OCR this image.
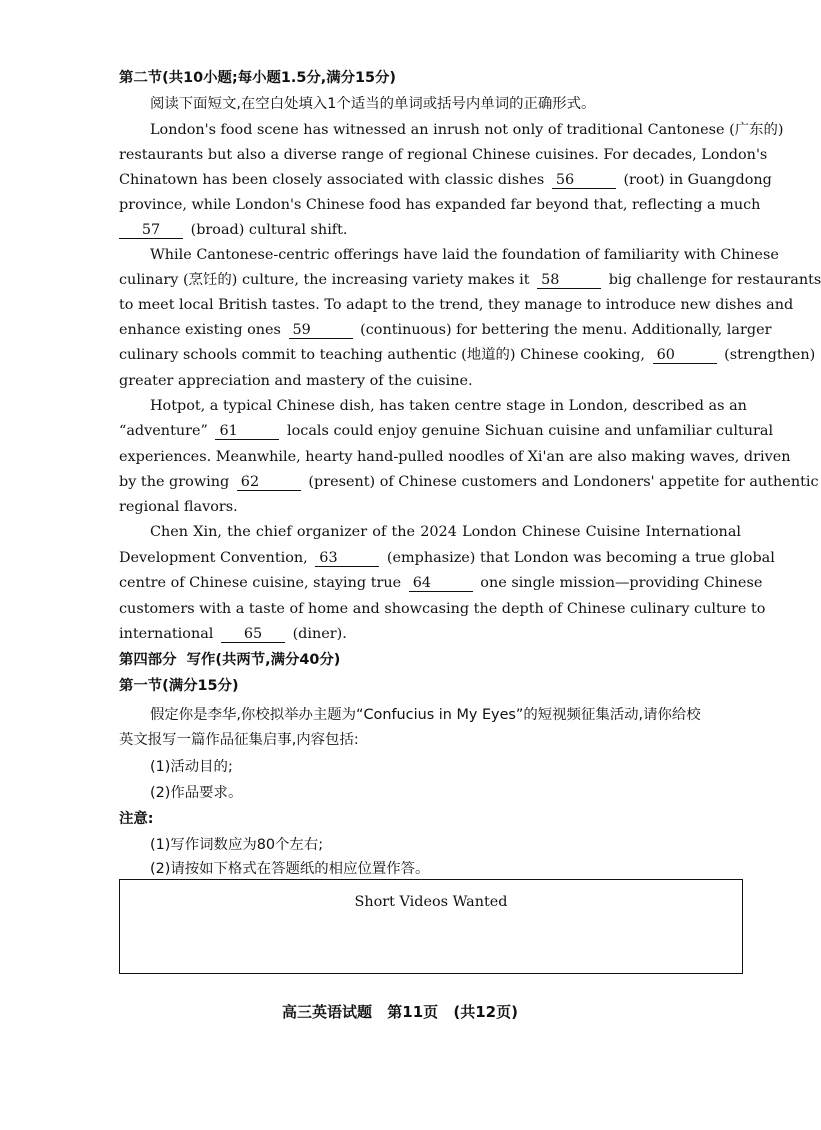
第二节(共10小题;每小题1.5分,满分15分)
阅读下面短文,在空白处填入1个适当的单词或括号内单词的正确形式。
London's food scene has witnessed an inrush not only of traditional Cantonese (广东的)
restaurants but also a diverse range of regional Chinese cuisines. For decades, London's
Chinatown has been closely associated with classic dishes 56	(root) in Guangdong
province, while London's Chinese food has expanded far beyond that, reflecting a much
57 (broad) cultural shift.
While Cantonese-centric offerings have laid the foundation of familiarity with Chinese
culinary (烹饪的) culture, the increasing variety makes it 58	big challenge for restaurants
to meet local British tastes. To adapt to the trend, they manage to introduce new dishes and
enhance existing ones 59	(continuous) for bettering the menu. Additionally, larger
culinary schools commit to teaching authentic (地道的) Chinese cooking, 60	(strengthen)
greater appreciation and mastery of the cuisine.
Hotpot, a typical Chinese dish, has taken centre stage in London, described as an
“adventure” 61	locals could enjoy genuine Sichuan cuisine and unfamiliar cultural
experiences. Meanwhile, hearty hand-pulled noodles of Xi'an are also making waves, driven
by the growing 62	(present) of Chinese customers and Londoners' appetite for authentic
regional flavors.
Chen Xin, the chief organizer of the 2024 London Chinese Cuisine International
Development Convention, 63	(emphasize) that London was becoming a true global
centre of Chinese cuisine, staying true 64	one single mission—providing Chinese
customers with a taste of home and showcasing the depth of Chinese culinary culture to
international 65 (diner).
第四部分  写作(共两节,满分40分)
第一节(满分15分)
假定你是李华,你校拟举办主题为“Confucius in My Eyes”的短视频征集活动,请你给校
英文报写一篇作品征集启事,内容包括:
(1)活动目的;
(2)作品要求。
注意:
(1)写作词数应为80个左右;
(2)请按如下格式在答题纸的相应位置作答。
Short Videos Wanted
高三英语试题 第11页 (共12页)
